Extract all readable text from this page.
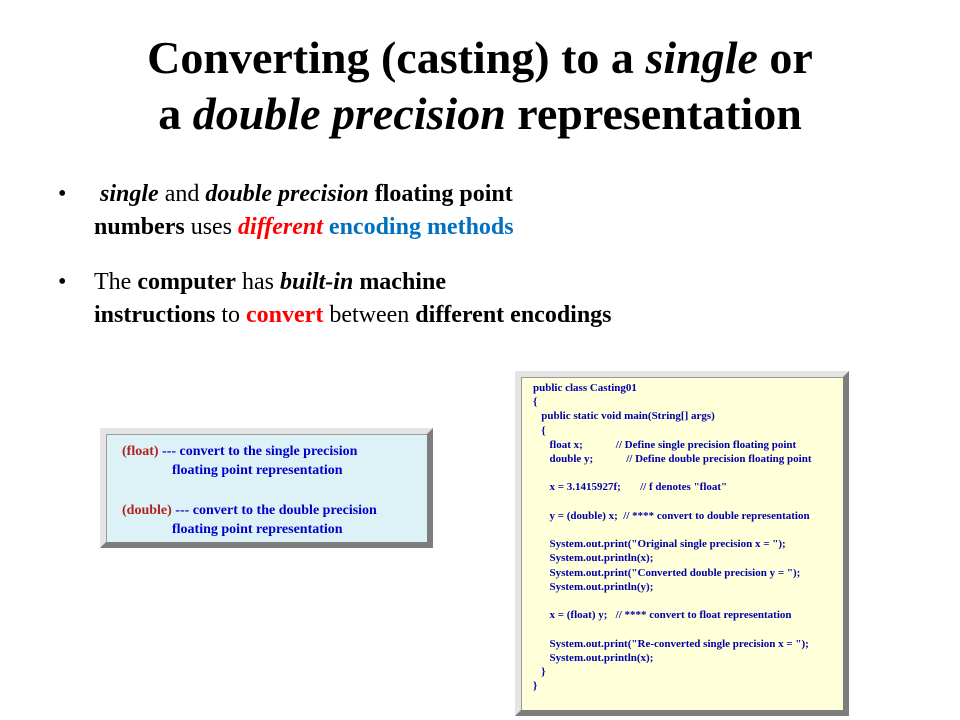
Converting (casting) to a single or
a double precision representation
• single and double precision floating point
numbers uses different encoding methods
• The computer has built-in machine
instructions to convert between different encodings
(float) --- convert to the single precision
floating point representation
(double) --- convert to the double precision
floating point representation
public class Casting01
{
public static void main(String[] args)
{
float x;            // Define single precision floating point
double y;            // Define double precision floating point

x = 3.1415927f;       // f denotes "float"

y = (double) x;  // **** convert to double representation

System.out.print("Original single precision x = ");
System.out.println(x);
System.out.print("Converted double precision y = ");
System.out.println(y);

x = (float) y;   // **** convert to float representation

System.out.print("Re-converted single precision x = ");
System.out.println(x);
}
}
